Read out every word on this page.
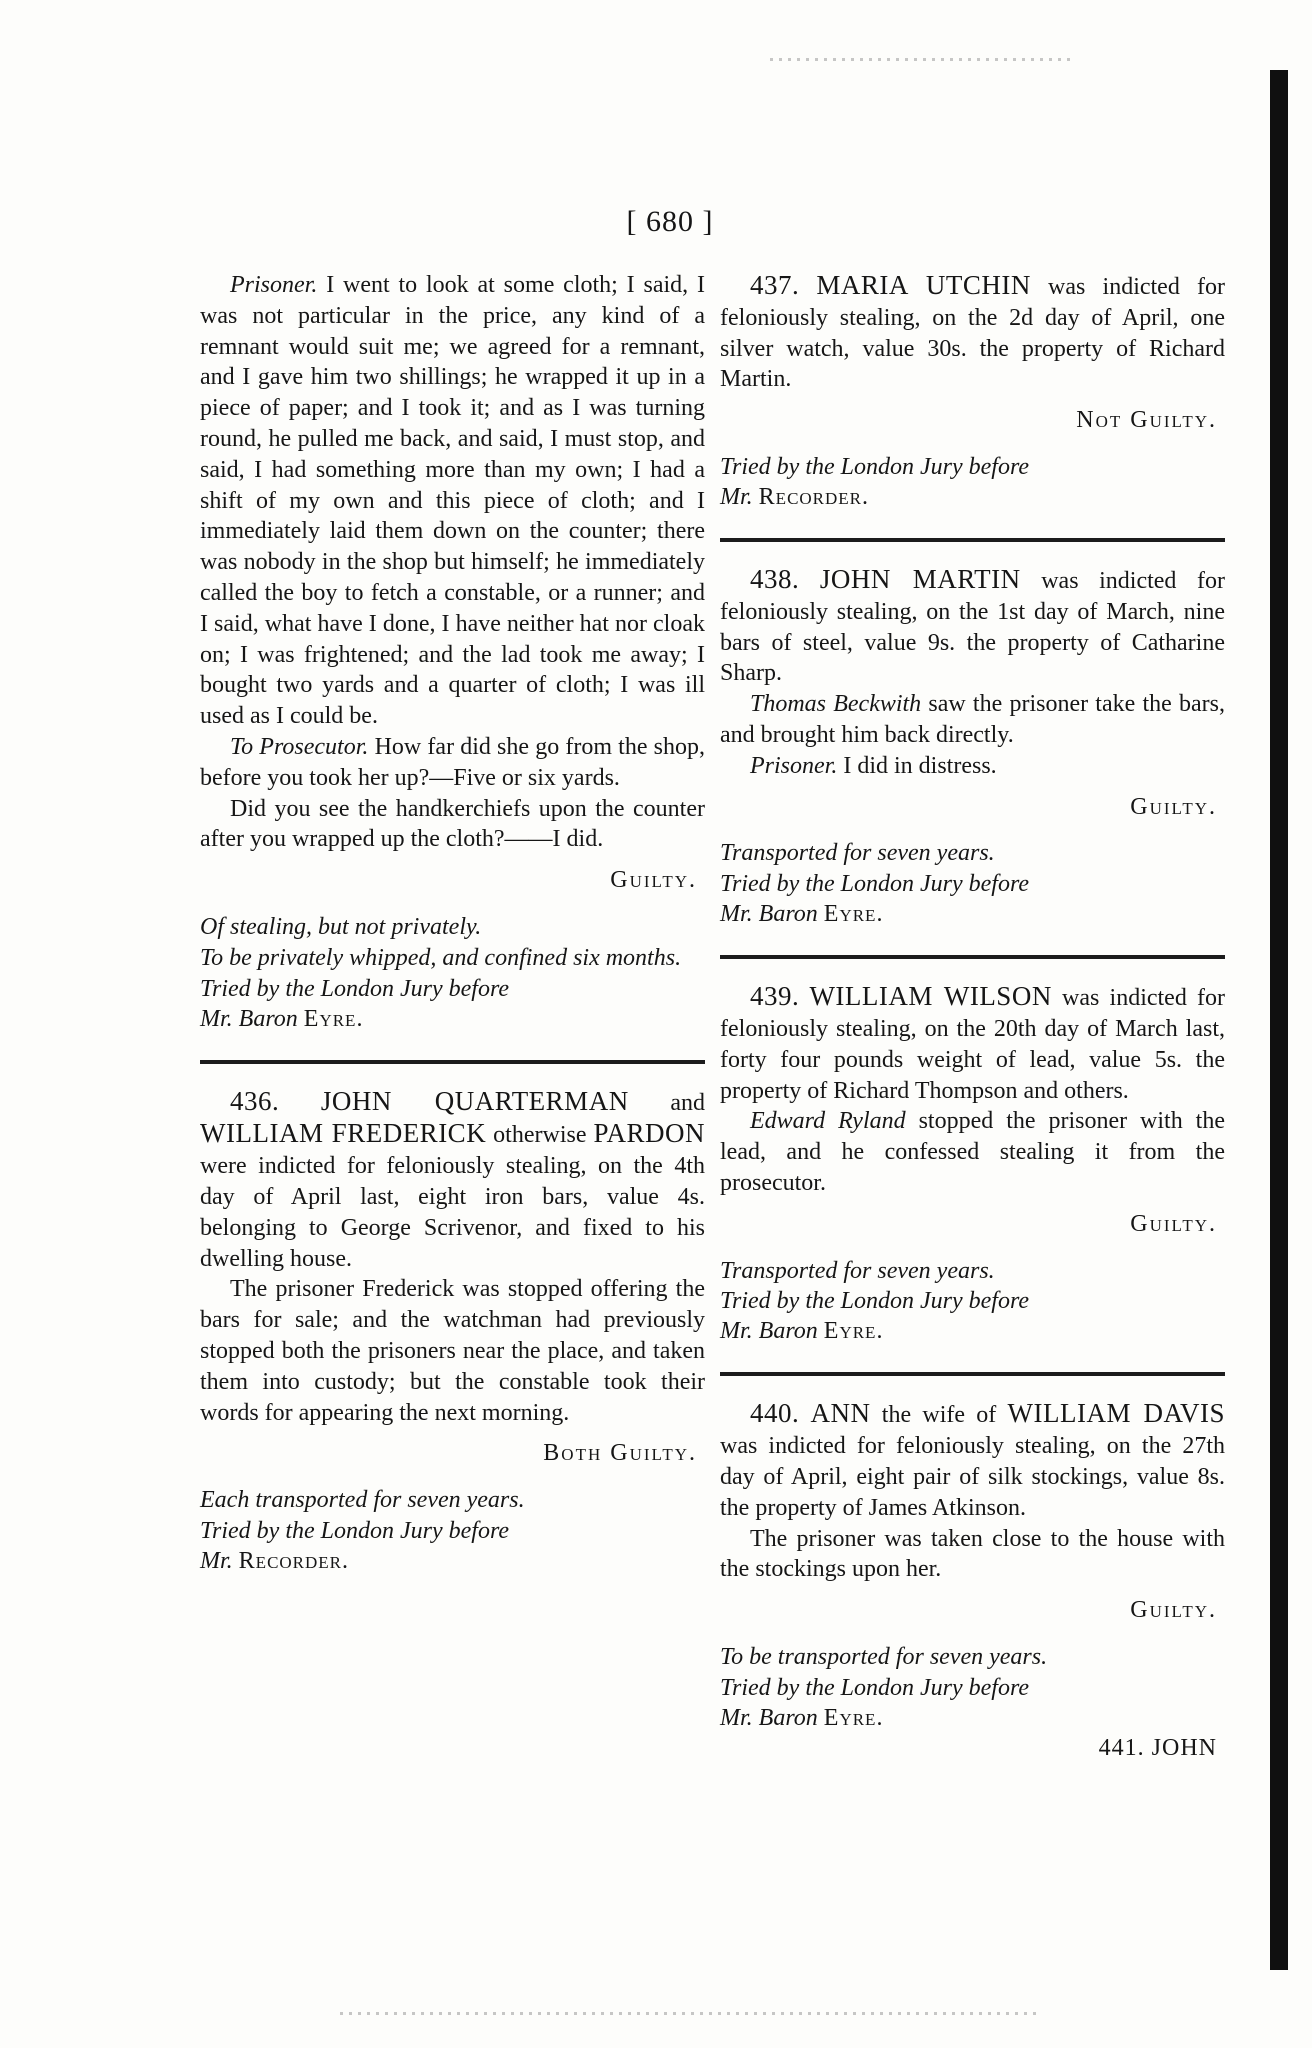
[ 680 ]

Prisoner. I went to look at some cloth; I said, I was not particular in the price, any kind of a remnant would suit me; we agreed for a remnant, and I gave him two shillings; he wrapped it up in a piece of paper; and I took it; and as I was turning round, he pulled me back, and said, I must stop, and said, I had something more than my own; I had a shift of my own and this piece of cloth; and I immediately laid them down on the counter; there was nobody in the shop but himself; he immediately called the boy to fetch a constable, or a runner; and I said, what have I done, I have neither hat nor cloak on; I was frightened; and the lad took me away; I bought two yards and a quarter of cloth; I was ill used as I could be.

To Prosecutor. How far did she go from the shop, before you took her up?—Five or six yards.

Did you see the handkerchiefs upon the counter after you wrapped up the cloth?——I did.

Guilty.

Of stealing, but not privately.

To be privately whipped, and confined six months.

Tried by the London Jury before
Mr. Baron Eyre.

436. JOHN QUARTERMAN and WILLIAM FREDERICK otherwise PARDON were indicted for feloniously stealing, on the 4th day of April last, eight iron bars, value 4s. belonging to George Scrivenor, and fixed to his dwelling house.

The prisoner Frederick was stopped offering the bars for sale; and the watchman had previously stopped both the prisoners near the place, and taken them into custody; but the constable took their words for appearing the next morning.

Both Guilty.

Each transported for seven years.

Tried by the London Jury before
Mr. Recorder.

437. MARIA UTCHIN was indicted for feloniously stealing, on the 2d day of April, one silver watch, value 30s. the property of Richard Martin.

Not Guilty.

Tried by the London Jury before
Mr. Recorder.

438. JOHN MARTIN was indicted for feloniously stealing, on the 1st day of March, nine bars of steel, value 9s. the property of Catharine Sharp.

Thomas Beckwith saw the prisoner take the bars, and brought him back directly.

Prisoner. I did in distress.

Guilty.

Transported for seven years.

Tried by the London Jury before
Mr. Baron Eyre.

439. WILLIAM WILSON was indicted for feloniously stealing, on the 20th day of March last, forty four pounds weight of lead, value 5s. the property of Richard Thompson and others.

Edward Ryland stopped the prisoner with the lead, and he confessed stealing it from the prosecutor.

Guilty.

Transported for seven years.

Tried by the London Jury before
Mr. Baron Eyre.

440. ANN the wife of WILLIAM DAVIS was indicted for feloniously stealing, on the 27th day of April, eight pair of silk stockings, value 8s. the property of James Atkinson.

The prisoner was taken close to the house with the stockings upon her.

Guilty.

To be transported for seven years.

Tried by the London Jury before
Mr. Baron Eyre.

441. JOHN
